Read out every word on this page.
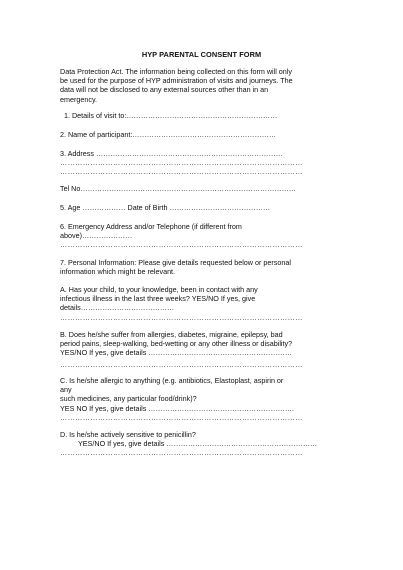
HYP PARENTAL CONSENT FORM
Data Protection Act. The information being collected on this form will only
be used for the purpose of HYP administration of visits and journeys. The
data will not be disclosed to any external sources other than in an
emergency.
1. Details of visit to:………………………………………………………
2. Name of participant:……………………………………………………
3. Address ……………………………………………………………………
……………………………………………………………………………………
……………………………………………………………………………………
Tel No………………………………………………………………………………
5. Age ……………… Date of Birth ……………………………………
6. Emergency Address and/or Telephone (if different from
above)…………………
……………………………………………………………………………………
7. Personal Information: Please give details requested below or personal
information which might be relevant.
A. Has your child, to your knowledge, been in contact with any
infectious illness in the last three weeks? YES/NO If yes, give
details…………………………………
……………………………………………………………………………………
B. Does he/she suffer from allergies, diabetes, migraine, epilepsy, bad
period pains, sleep-walking, bed-wetting or any other illness or disability?
YES/NO If yes, give details ……………………………………………………
……………………………………………………………………………………
C. Is he/she allergic to anything (e.g. antibiotics, Elastoplast, aspirin or
any
such medicines, any particular food/drink)?
YES NO If yes, give details …………………………………………………….
……………………………………………………………………………………
D. Is he/she actively sensitive to penicillin?
YES/NO If yes, give details ………………………………………………………
……………………………………………………………………………………
